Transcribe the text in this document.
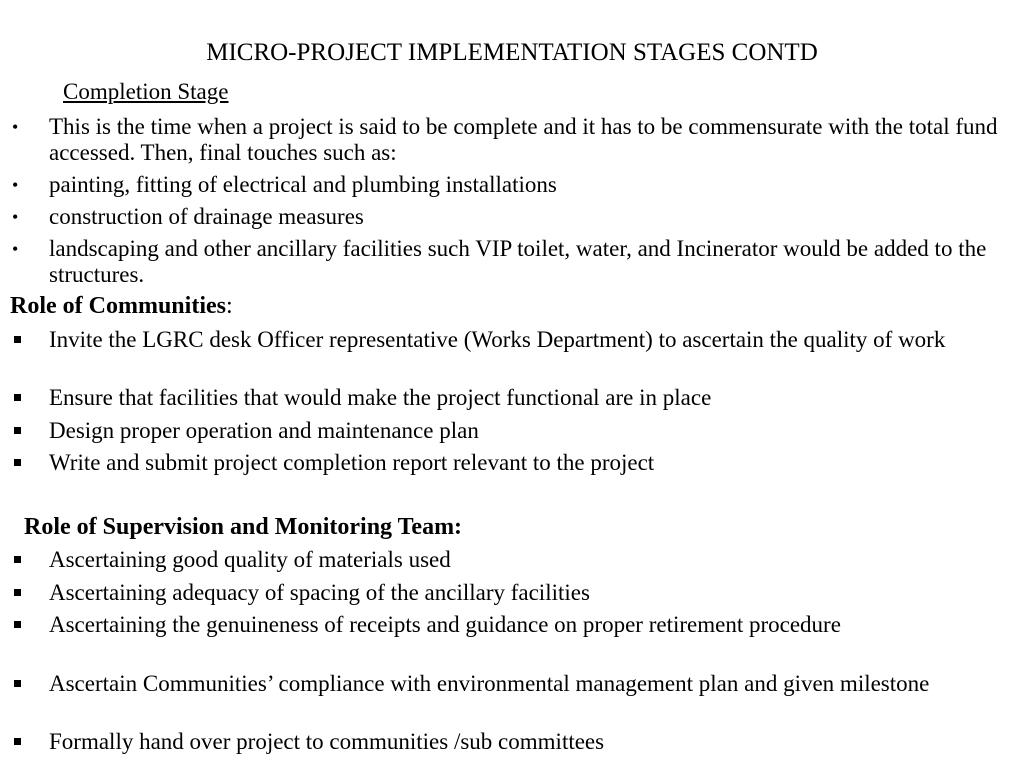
MICRO-PROJECT IMPLEMENTATION STAGES CONTD
Completion Stage
•	This is the time when a project is said to be complete and it has to be commensurate with the total fund accessed. Then, final touches such as:
•	painting, fitting of electrical and plumbing installations
•	construction of drainage measures
•	landscaping and other ancillary facilities such VIP toilet, water, and Incinerator would be added to the structures.
Role of Communities:
Invite the LGRC desk Officer representative (Works Department) to ascertain the quality of work
Ensure that facilities that would make the project functional are in place
Design proper operation and maintenance plan
Write and submit project completion report relevant to the project
Role of Supervision and Monitoring Team:
Ascertaining good quality of materials used
Ascertaining adequacy of spacing of the ancillary facilities
Ascertaining the genuineness of receipts and guidance on proper retirement procedure
Ascertain Communities’ compliance with environmental management plan and given milestone
Formally hand over project to communities /sub committees
